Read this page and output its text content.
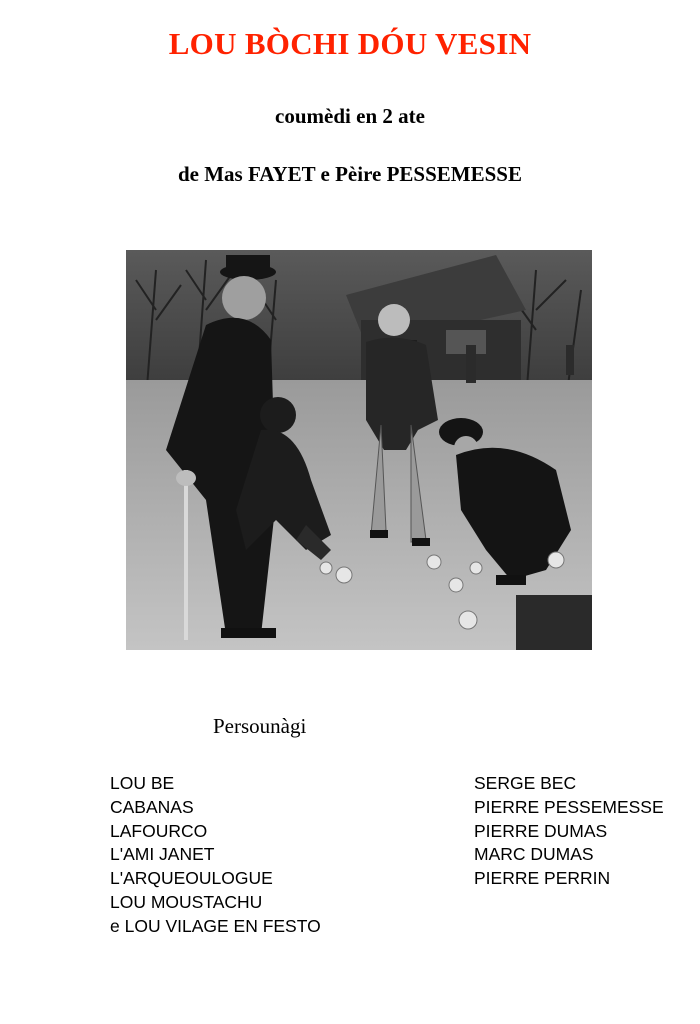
LOU BÒCHI DÓU VESIN
coumèdi en 2 ate
de Mas FAYET e Pèire PESSEMESSE
Persounàgi
LOU BE
CABANAS
LAFOURCO
L'AMI JANET
L'ARQUEOULOGUE
LOU MOUSTACHU
e LOU VILAGE EN FESTO
SERGE BEC
PIERRE PESSEMESSE
PIERRE DUMAS
MARC DUMAS
PIERRE PERRIN
